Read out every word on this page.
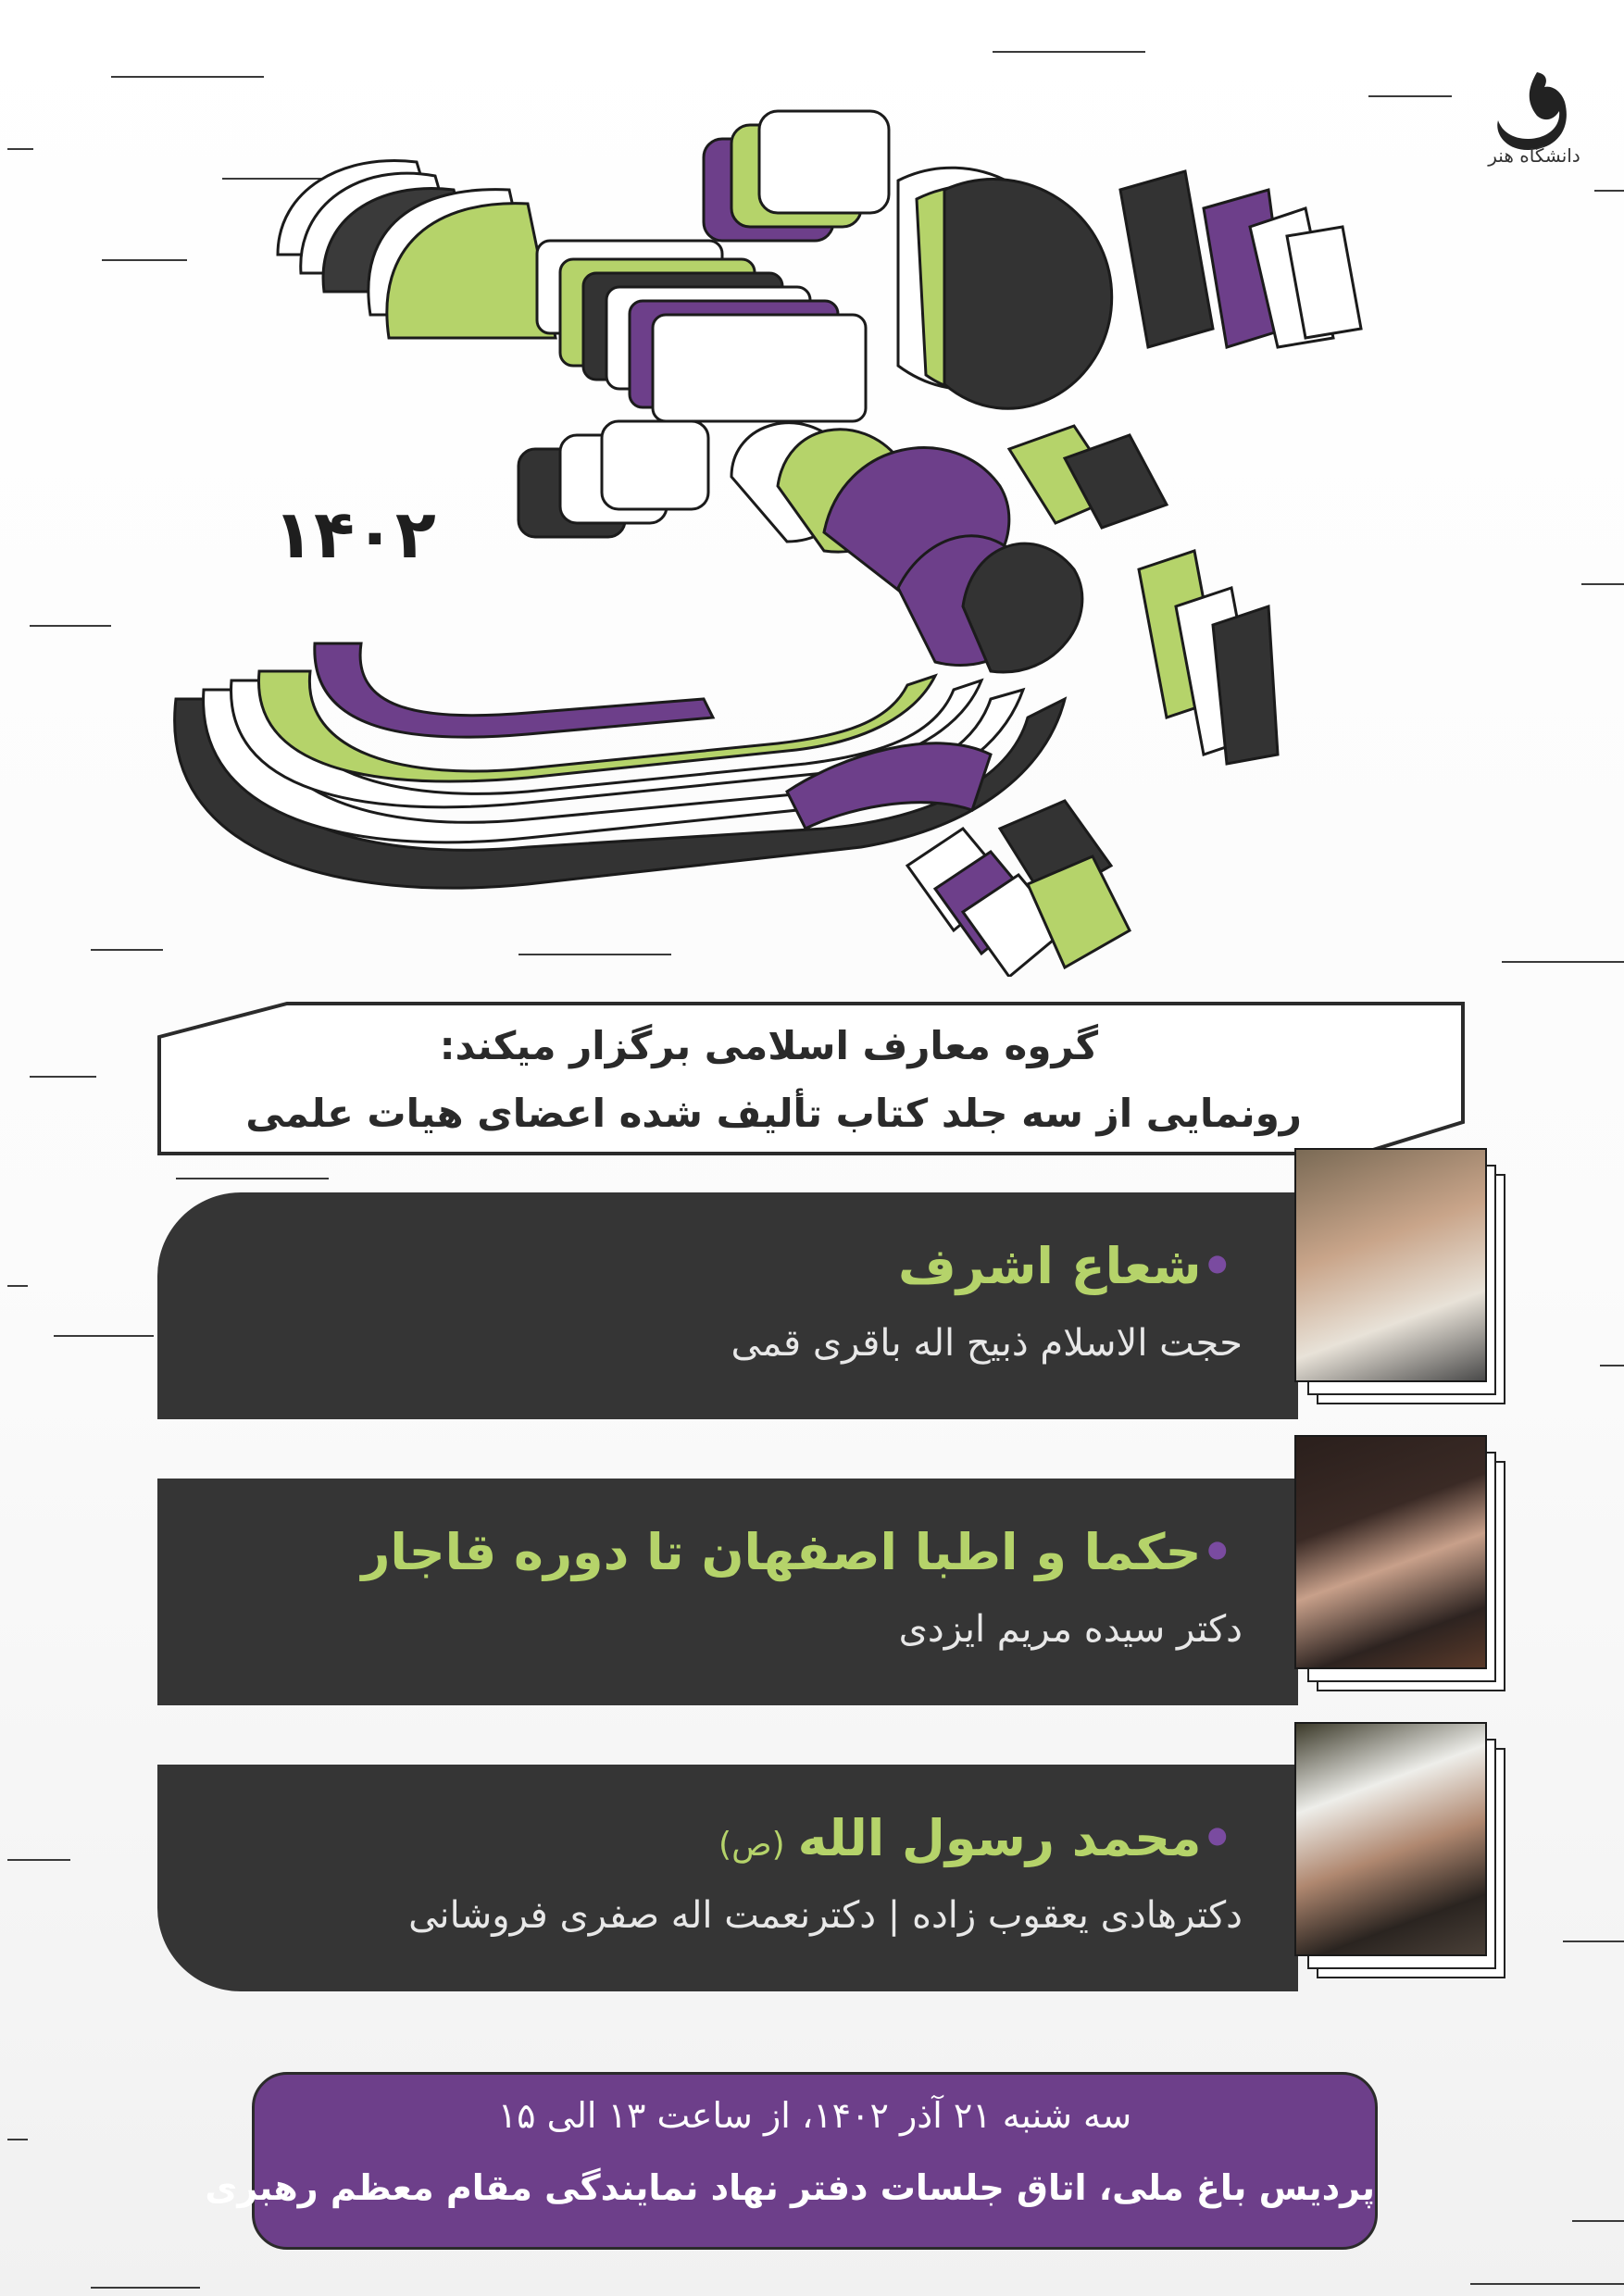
دانشگاه هنر
۱۴۰۲
گروه معارف اسلامی برگزار میکند:
رونمایی از سه جلد کتاب تألیف شده اعضای هیات علمی
•شعاع اشرف
حجت الاسلام ذبیح اله باقری قمی
•حکما و اطبا اصفهان تا دوره قاجار
دکتر سیده مریم ایزدی
•محمد رسول الله(ص)
دکترهادی یعقوب زاده | دکترنعمت اله صفری فروشانی
سه شنبه ۲۱ آذر ۱۴۰۲، از ساعت ۱۳ الی ۱۵
پردیس باغ ملی، اتاق جلسات دفتر نهاد نمایندگی مقام معظم رهبری
